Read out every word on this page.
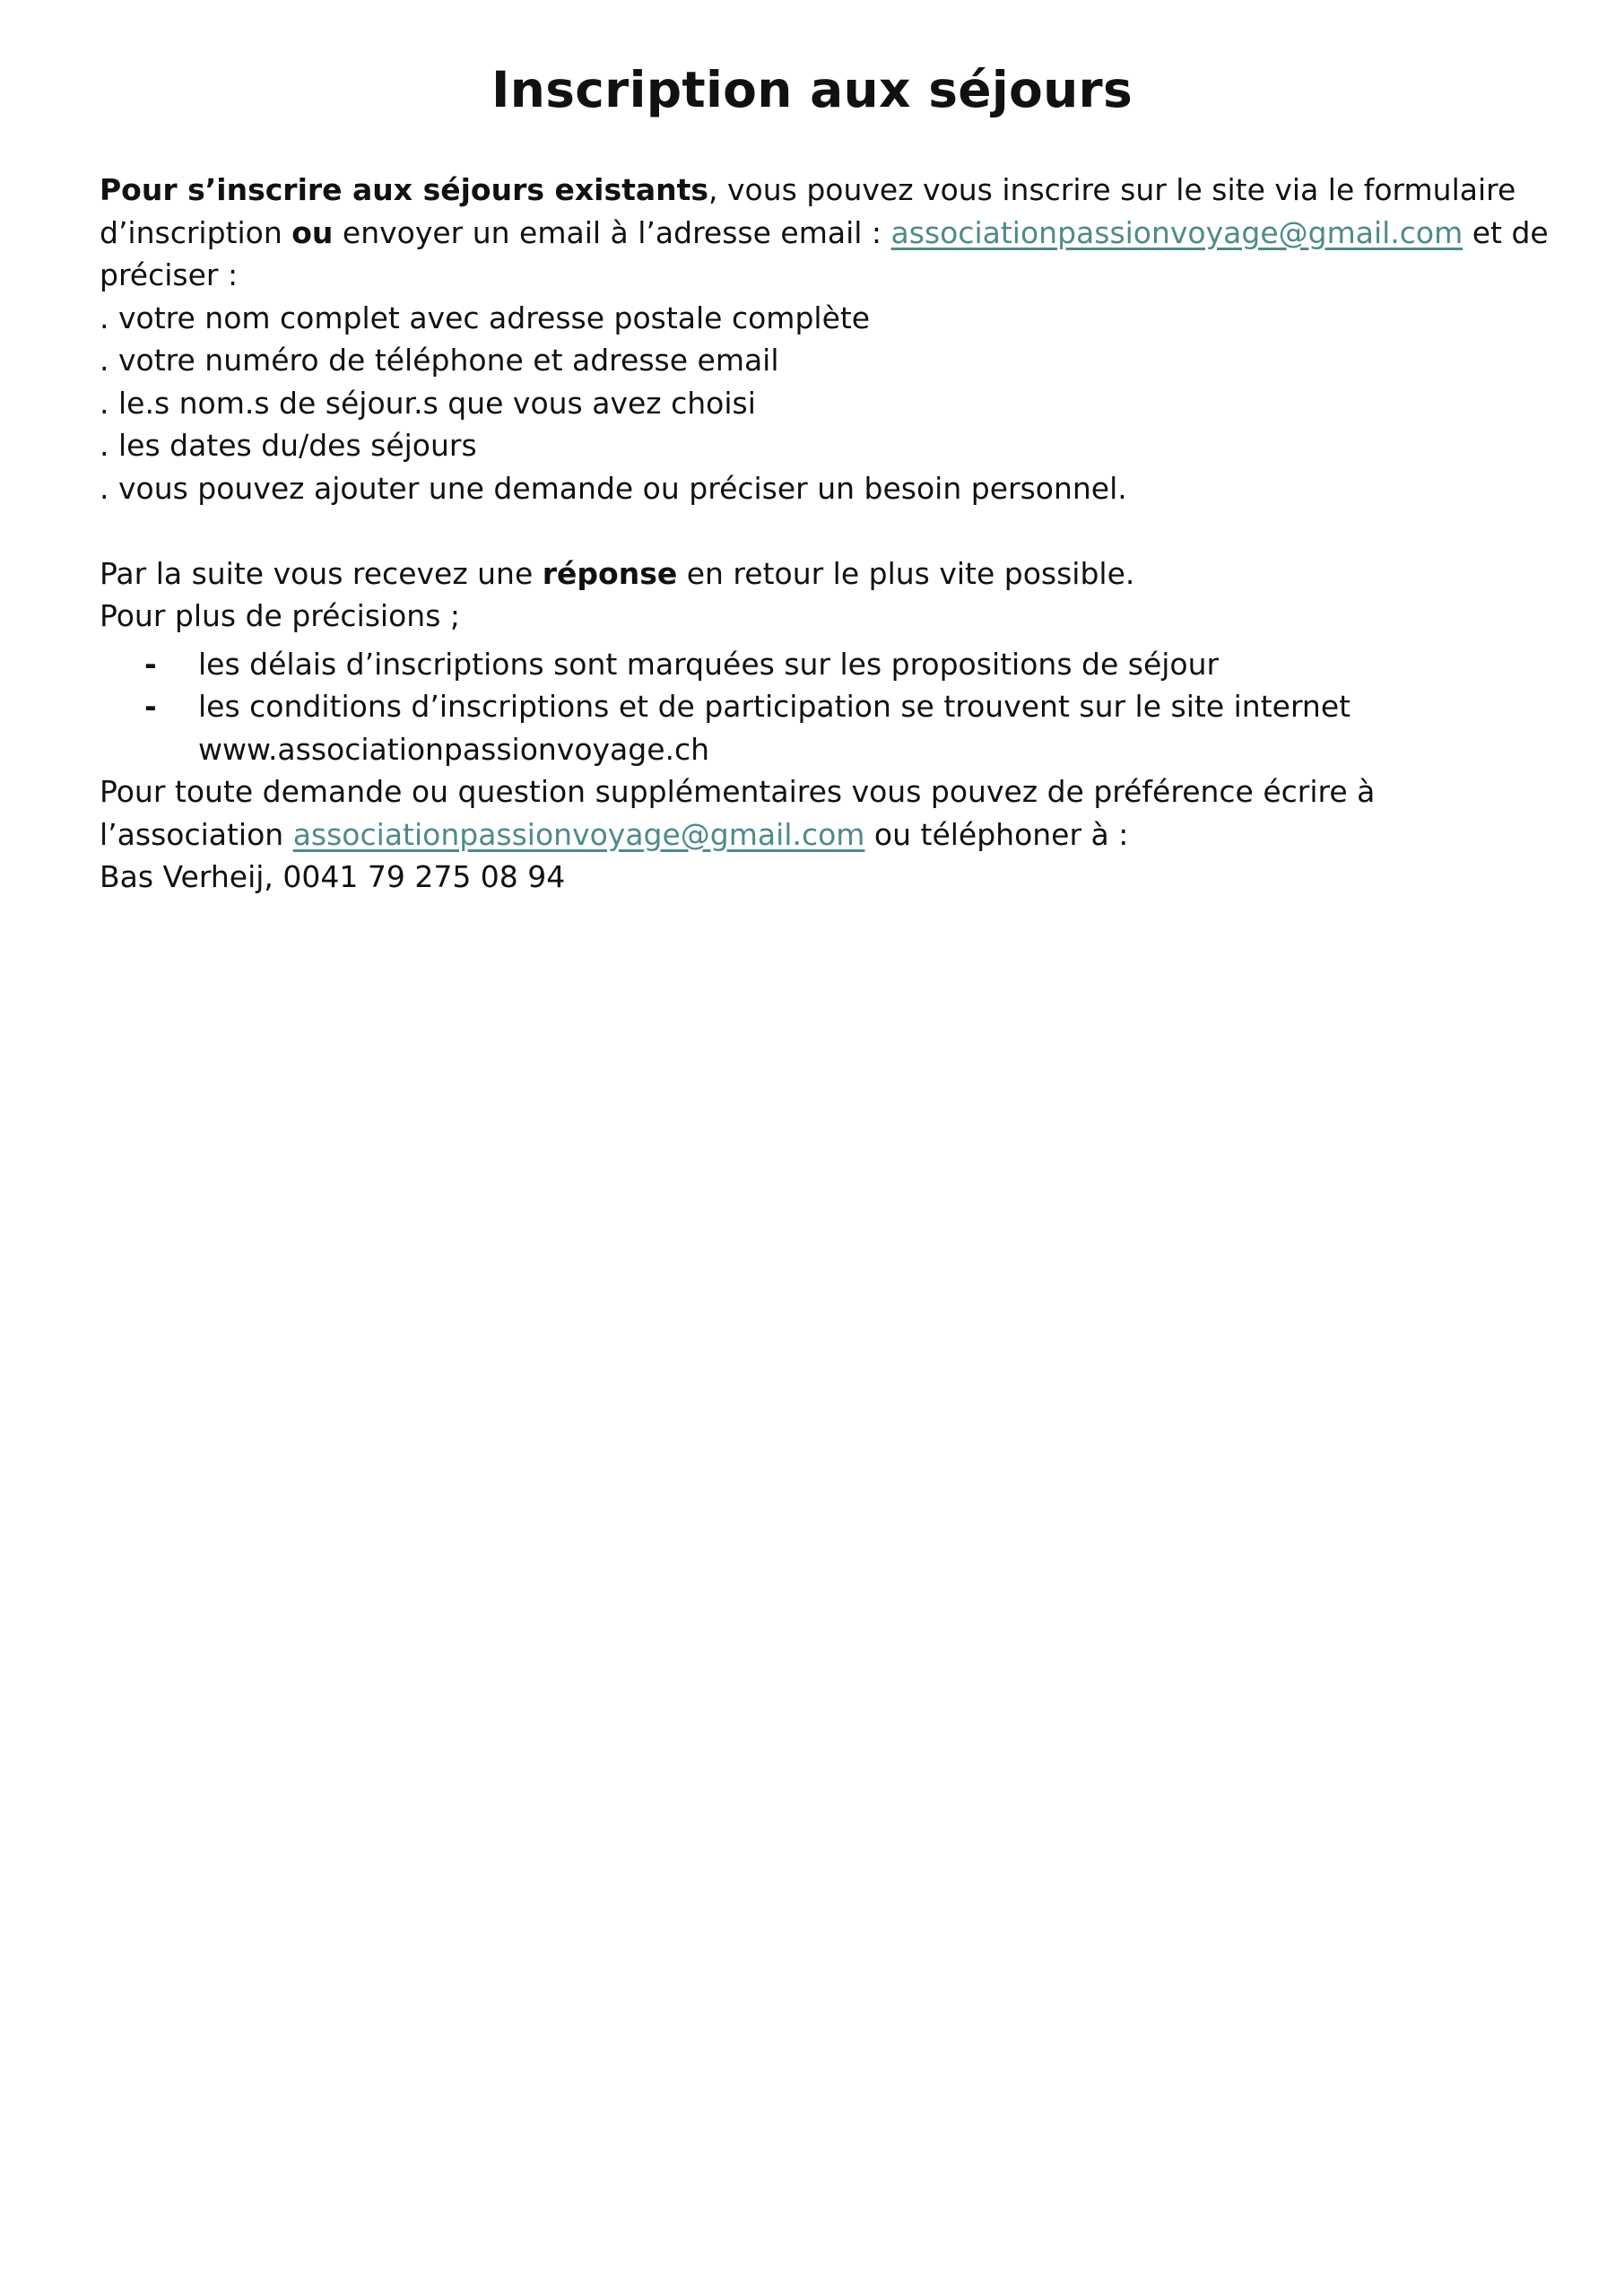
Inscription aux séjours
Pour s’inscrire aux séjours existants, vous pouvez vous inscrire sur le site via le formulaire
d’inscription ou envoyer un email à l’adresse email : associationpassionvoyage@gmail.com et de
préciser :
. votre nom complet avec adresse postale complète
. votre numéro de téléphone et adresse email
. le.s nom.s de séjour.s que vous avez choisi
. les dates du/des séjours
. vous pouvez ajouter une demande ou préciser un besoin personnel.
Par la suite vous recevez une réponse en retour le plus vite possible.
Pour plus de précisions ;
- les délais d’inscriptions sont marquées sur les propositions de séjour
- les conditions d’inscriptions et de participation se trouvent sur le site internet
www.associationpassionvoyage.ch
Pour toute demande ou question supplémentaires vous pouvez de préférence écrire à
l’association associationpassionvoyage@gmail.com ou téléphoner à :
Bas Verheij, 0041 79 275 08 94
